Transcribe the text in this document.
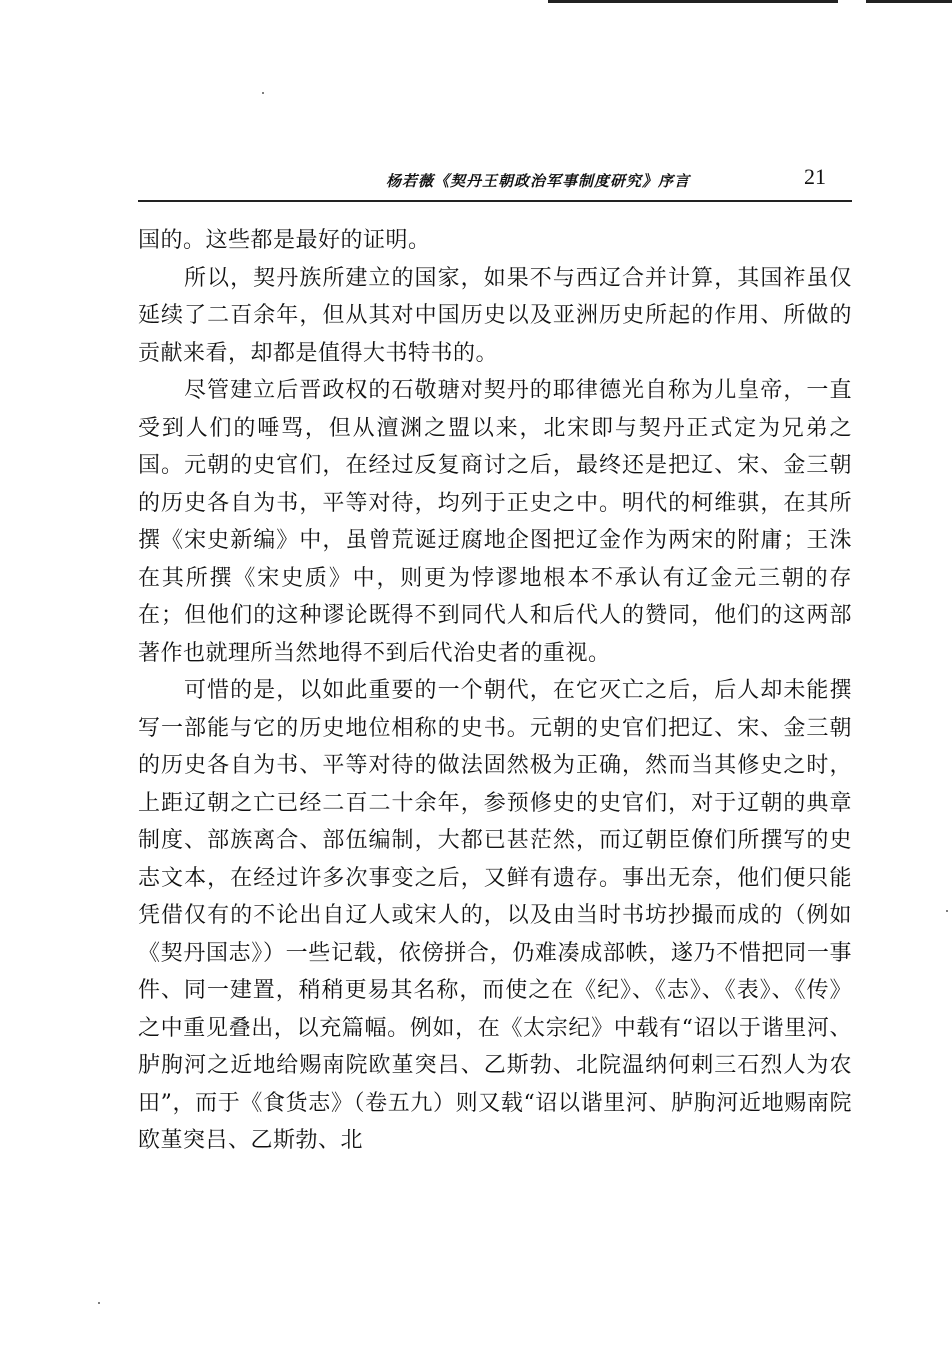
杨若薇《契丹王朝政治军事制度研究》序言	21

国的。这些都是最好的证明。

所以，契丹族所建立的国家，如果不与西辽合并计算，其国祚虽仅延续了二百余年，但从其对中国历史以及亚洲历史所起的作用、所做的贡献来看，却都是值得大书特书的。

尽管建立后晋政权的石敬瑭对契丹的耶律德光自称为儿皇帝，一直受到人们的唾骂，但从澶渊之盟以来，北宋即与契丹正式定为兄弟之国。元朝的史官们，在经过反复商讨之后，最终还是把辽、宋、金三朝的历史各自为书，平等对待，均列于正史之中。明代的柯维骐，在其所撰《宋史新编》中，虽曾荒诞迂腐地企图把辽金作为两宋的附庸；王洙在其所撰《宋史质》中，则更为悖谬地根本不承认有辽金元三朝的存在；但他们的这种谬论既得不到同代人和后代人的赞同，他们的这两部著作也就理所当然地得不到后代治史者的重视。

可惜的是，以如此重要的一个朝代，在它灭亡之后，后人却未能撰写一部能与它的历史地位相称的史书。元朝的史官们把辽、宋、金三朝的历史各自为书、平等对待的做法固然极为正确，然而当其修史之时，上距辽朝之亡已经二百二十余年，参预修史的史官们，对于辽朝的典章制度、部族离合、部伍编制，大都已甚茫然，而辽朝臣僚们所撰写的史志文本，在经过许多次事变之后，又鲜有遗存。事出无奈，他们便只能凭借仅有的不论出自辽人或宋人的，以及由当时书坊抄撮而成的（例如《契丹国志》）一些记载，依傍拼合，仍难凑成部帙，遂乃不惜把同一事件、同一建置，稍稍更易其名称，而使之在《纪》、《志》、《表》、《传》之中重见叠出，以充篇幅。例如，在《太宗纪》中载有“诏以于谐里河、胪朐河之近地给赐南院欧堇突吕、乙斯勃、北院温纳何剌三石烈人为农田”，而于《食货志》（卷五九）则又载“诏以谐里河、胪朐河近地赐南院欧堇突吕、乙斯勃、北
